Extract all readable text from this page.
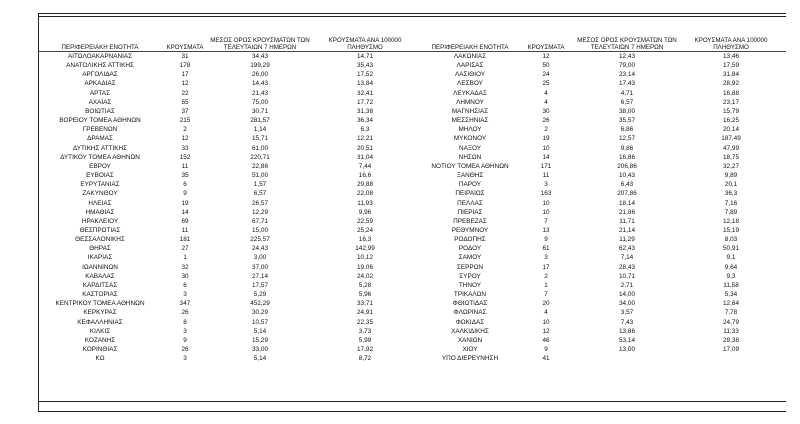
ΠΕΡΙΦΕΡΕΙΑΚΗ ΕΝΟΤΗΤΑ	ΚΡΟΥΣΜΑΤΑ	ΜΕΣΟΣ ΟΡΟΣ ΚΡΟΥΣΜΑΤΩΝ ΤΩΝ ΤΕΛΕΥΤΑΙΩΝ 7 ΗΜΕΡΩΝ	ΚΡΟΥΣΜΑΤΑ ΑΝΑ 100000 ΠΛΗΘΥΣΜΟ	ΠΕΡΙΦΕΡΕΙΑΚΗ ΕΝΟΤΗΤΑ	ΚΡΟΥΣΜΑΤΑ	ΜΕΣΟΣ ΟΡΟΣ ΚΡΟΥΣΜΑΤΩΝ ΤΩΝ ΤΕΛΕΥΤΑΙΩΝ 7 ΗΜΕΡΩΝ	ΚΡΟΥΣΜΑΤΑ ΑΝΑ 100000 ΠΛΗΘΥΣΜΟ
ΑΙΤΩΛΟΑΚΑΡΝΑΝΙΑΣ	31	34,43	14,71	ΛΑΚΩΝΙΑΣ	12	12,43	13,46
ΑΝΑΤΟΛΙΚΗΣ ΑΤΤΙΚΗΣ	178	199,29	35,43	ΛΑΡΙΣΑΣ	50	79,00	17,59
ΑΡΓΟΛΙΔΑΣ	17	26,00	17,52	ΛΑΣΙΘΙΟΥ	24	23,14	31,84
ΑΡΚΑΔΙΑΣ	12	14,43	13,84	ΛΕΣΒΟΥ	25	17,43	28,92
ΑΡΤΑΣ	22	21,43	32,41	ΛΕΥΚΑΔΑΣ	4	4,71	16,88
ΑΧΑΪΑΣ	55	75,00	17,72	ΛΗΜΝΟΥ	4	6,57	23,17
ΒΟΙΩΤΙΑΣ	37	30,71	31,38	ΜΑΓΝΗΣΙΑΣ	30	38,00	15,79
ΒΟΡΕΙΟΥ ΤΟΜΕΑ ΑΘΗΝΩΝ	215	281,57	36,34	ΜΕΣΣΗΝΙΑΣ	26	35,57	16,25
ΓΡΕΒΕΝΩΝ	2	1,14	6,3	ΜΗΛΟΥ	2	6,86	20,14
ΔΡΑΜΑΣ	12	15,71	12,21	ΜΥΚΟΝΟΥ	19	12,57	187,49
ΔΥΤΙΚΗΣ ΑΤΤΙΚΗΣ	33	61,00	20,51	ΝΑΞΟΥ	10	9,86	47,99
ΔΥΤΙΚΟΥ ΤΟΜΕΑ ΑΘΗΝΩΝ	152	220,71	31,04	ΝΗΣΩΝ	14	16,86	18,75
ΕΒΡΟΥ	11	22,86	7,44	ΝΟΤΙΟΥ ΤΟΜΕΑ ΑΘΗΝΩΝ	171	206,86	32,27
ΕΥΒΟΙΑΣ	35	51,00	16,6	ΞΑΝΘΗΣ	11	10,43	9,89
ΕΥΡΥΤΑΝΙΑΣ	6	1,57	29,88	ΠΑΡΟΥ	3	6,43	20,1
ΖΑΚΥΝΘΟΥ	9	6,57	22,08	ΠΕΙΡΑΙΩΣ	163	207,86	36,3
ΗΛΕΙΑΣ	19	26,57	11,93	ΠΕΛΛΑΣ	10	18,14	7,16
ΗΜΑΘΙΑΣ	14	12,29	9,96	ΠΙΕΡΙΑΣ	10	21,86	7,89
ΗΡΑΚΛΕΙΟΥ	69	67,71	22,59	ΠΡΕΒΕΖΑΣ	7	11,71	12,18
ΘΕΣΠΡΩΤΙΑΣ	11	15,00	25,24	ΡΕΘΥΜΝΟΥ	13	21,14	15,19
ΘΕΣΣΑΛΟΝΙΚΗΣ	181	225,57	16,3	ΡΟΔΟΠΗΣ	9	11,29	8,03
ΘΗΡΑΣ	27	24,43	142,99	ΡΟΔΟΥ	61	62,43	50,91
ΙΚΑΡΙΑΣ	1	3,00	10,12	ΣΑΜΟΥ	3	7,14	9,1
ΙΩΑΝΝΙΝΩΝ	32	37,00	19,06	ΣΕΡΡΩΝ	17	28,43	9,64
ΚΑΒΑΛΑΣ	30	27,14	24,02	ΣΥΡΟΥ	2	10,71	9,3
ΚΑΡΔΙΤΣΑΣ	6	17,57	5,28	ΤΗΝΟΥ	1	2,71	11,58
ΚΑΣΤΟΡΙΑΣ	3	5,29	5,96	ΤΡΙΚΑΛΩΝ	7	14,00	5,34
ΚΕΝΤΡΙΚΟΥ ΤΟΜΕΑ ΑΘΗΝΩΝ	347	452,29	33,71	ΦΘΙΩΤΙΔΑΣ	20	34,00	12,64
ΚΕΡΚΥΡΑΣ	26	30,29	24,91	ΦΛΩΡΙΝΑΣ	4	3,57	7,78
ΚΕΦΑΛΛΗΝΙΑΣ	8	10,57	22,35	ΦΩΚΙΔΑΣ	10	7,43	24,79
ΚΙΛΚΙΣ	3	5,14	3,73	ΧΑΛΚΙΔΙΚΗΣ	12	13,86	11,33
ΚΟΖΑΝΗΣ	9	15,29	5,99	ΧΑΝΙΩΝ	46	53,14	29,38
ΚΟΡΙΝΘΙΑΣ	26	33,00	17,92	ΧΙΟΥ	9	13,00	17,09
ΚΩ	3	5,14	8,72	ΥΠΟ ΔΙΕΡΕΥΝΗΣΗ	41		
